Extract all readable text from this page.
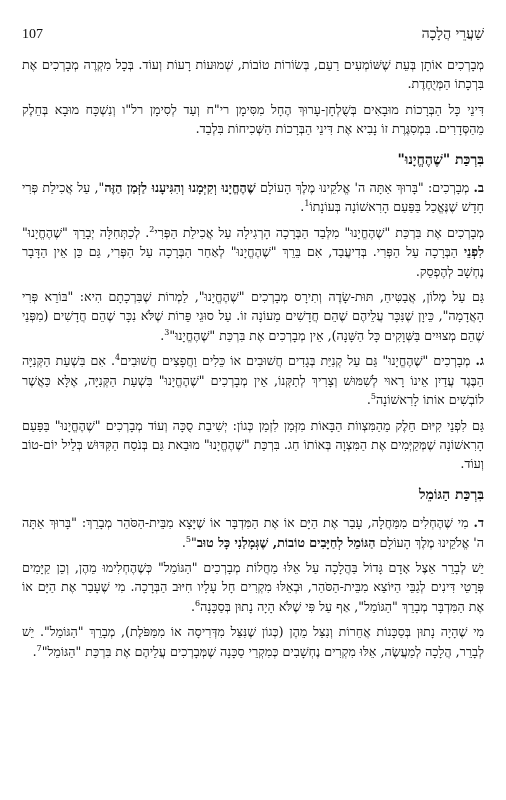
שַׁעֲרֵי הֲלָכָה
107

מְבָרְכִים אוֹתָן בְּעֵת שֶׁשּׁוֹמְעִים רַעַם, בְּשׂוֹרוֹת טוֹבוֹת, שְׁמוּעוֹת רָעוֹת וְעוֹד. בְּכָל מִקְרֶה מְבָרְכִים אֶת בִּרְכָתוֹ הַמְּיֻחֶדֶת.

דִּינֵי כָּל הַבְּרָכוֹת מוּבָאִים בְּשֻׁלְחָן-עָרוּךְ הֶחָל מִסִּימָן רי"ח וְעַד לְסִימָן רל"ו וְנִשְׁכָּח מוּבָא בְּחֵלֶק מֵהַסְּדָרִים. בִּמְסִגֶּרֶת זוֹ נָבִיא אֶת דִּינֵי הַבְּרָכוֹת הַשְּׁכִיחוֹת בִּלְבַד.

בִּרְכַּת "שֶׁהֶחֱיָנוּ"

ב. מְבָרְכִים: "בָּרוּךְ אַתָּה ה' אֱלֹקֵינוּ מֶלֶךְ הָעוֹלָם שֶׁהֶחֱיָנוּ וְקִיְּמָנוּ וְהִגִּיעָנוּ לַזְּמַן הַזֶּה", עַל אֲכִילַת פְּרִי חָדָשׁ שֶׁנֶּאֱכַל בַּפַּעַם הָרִאשׁוֹנָה בְּעוֹנָתוֹ$^1$.

מְבָרְכִים אֶת בִּרְכַּת "שֶׁהֶחֱיָנוּ" מִלְּבַד הַבְּרָכָה הָרְגִילָה עַל אֲכִילַת הַפְּרִי$^2$. לְכַתְּחִלָּה יְבָרֵךְ "שֶׁהֶחֱיָנוּ" לִפְנֵי הַבְּרָכָה עַל הַפְּרִי. בְּדִיעֲבַד, אִם בֵּרֵךְ "שֶׁהֶחֱיָנוּ" לְאַחַר הַבְּרָכָה עַל הַפְּרִי, גַּם כֵּן אֵין הַדָּבָר נֶחְשָׁב לְהֶפְסֵק.

גַּם עַל מֶלוֹן, אֲבַטִּיחַ, תּוּת-שָׂדֶה וְתִירָס מְבָרְכִים "שֶׁהֶחֱיָנוּ", לַמְרוֹת שֶׁבִּרְכָתָם הִיא: "בּוֹרֵא פְּרִי הָאֲדָמָה", כֵּיוָן שֶׁנִּכָּר עֲלֵיהֶם שֶׁהֵם חֲדָשִׁים מֵעוֹנָה זוֹ. עַל סוּגֵי פֵּרוֹת שֶׁלֹּא נִכָּר שֶׁהֵם חֲדָשִׁים (מִפְּנֵי שֶׁהֵם מְצוּיִים בַּשְּׁוָקִים כָּל הַשָּׁנָה), אֵין מְבָרְכִים אֶת בִּרְכַּת "שֶׁהֶחֱיָנוּ"$^3$.

ג. מְבָרְכִים "שֶׁהֶחֱיָנוּ" גַּם עַל קְנִיַּת בְּגָדִים חֲשׁוּבִים אוֹ כֵּלִים וַחֲפָצִים חֲשׁוּבִים$^4$. אִם בִּשְׁעַת הַקְּנִיָּה הַבֶּגֶד עֲדַיִן אֵינוֹ רָאוּי לְשִׁמּוּשׁ וְצָרִיךְ לְתַקְּנוֹ, אֵין מְבָרְכִים "שֶׁהֶחֱיָנוּ" בִּשְׁעַת הַקְּנִיָּה, אֶלָּא כַּאֲשֶׁר לוֹבְשִׁים אוֹתוֹ לָרִאשׁוֹנָה$^5$.

גַּם לִפְנֵי קִיּוּם חֵלֶק מֵהַמִּצְווֹת הַבָּאוֹת מִזְּמַן לִזְמַן כְּגוֹן: יְשִׁיבַת סֻכָּה וְעוֹד מְבָרְכִים "שֶׁהֶחֱיָנוּ" בַּפַּעַם הָרִאשׁוֹנָה שֶׁמְּקַיְּמִים אֶת הַמִּצְוָה בְּאוֹתוֹ חַג. בִּרְכַּת "שֶׁהֶחֱיָנוּ" מוּבַאת גַּם בְּנֹסַח הַקִּדּוּשׁ בְּלֵיל יוֹם-טוֹב וְעוֹד.

בִּרְכַּת הַגּוֹמֵל

ד. מִי שֶׁהֶחְלִים מִמַּחֲלָה, עָבַר אֶת הַיָּם אוֹ אֶת הַמִּדְבָּר אוֹ שֶׁיָּצָא מִבֵּית-הַסֹּהַר מְבָרֵךְ: "בָּרוּךְ אַתָּה ה' אֱלֹקֵינוּ מֶלֶךְ הָעוֹלָם הַגּוֹמֵל לְחַיָּבִים טוֹבוֹת, שֶׁגְּמָלַנִי כָּל טוּב"$^5$.

יֵשׁ לְבָרֵר אֵצֶל אָדָם גָּדוֹל בַּהֲלָכָה עַל אֵלּוּ מַחֲלוֹת מְבָרְכִים "הַגּוֹמֵל" כְּשֶׁהֶחְלִימוּ מֵהֶן, וְכֵן קַיָּמִים פְּרָטֵי דִּינִים לְגַבֵּי הַיּוֹצֵא מִבֵּית-הַסֹּהַר, וּבְאֵלּוּ מִקְרִים חָל עָלָיו חִיּוּב הַבְּרָכָה. מִי שֶׁעָבַר אֶת הַיָּם אוֹ אֶת הַמִּדְבָּר מְבָרֵךְ "הַגּוֹמֵל", אַף עַל פִּי שֶׁלֹּא הָיָה נָתוּן בְּסַכָּנָה$^6$.

מִי שֶׁהָיָה נָתוּן בְּסַכָּנוֹת אֲחֵרוֹת וְנִצַּל מֵהֶן (כְּגוֹן שֶׁנִּצַּל מִדְּרִיסָה אוֹ מִמַּפֹּלֶת), מְבָרֵךְ "הַגּוֹמֵל". יֵשׁ לְבָרֵר, הֲלָכָה לְמַעֲשֶׂה, אֵלּוּ מִקְרִים נֶחְשָׁבִים כְּמִקְרֵי סַכָּנָה שֶׁמְּבָרְכִים עֲלֵיהֶם אֶת בִּרְכַּת "הַגּוֹמֵל"$^7$.
